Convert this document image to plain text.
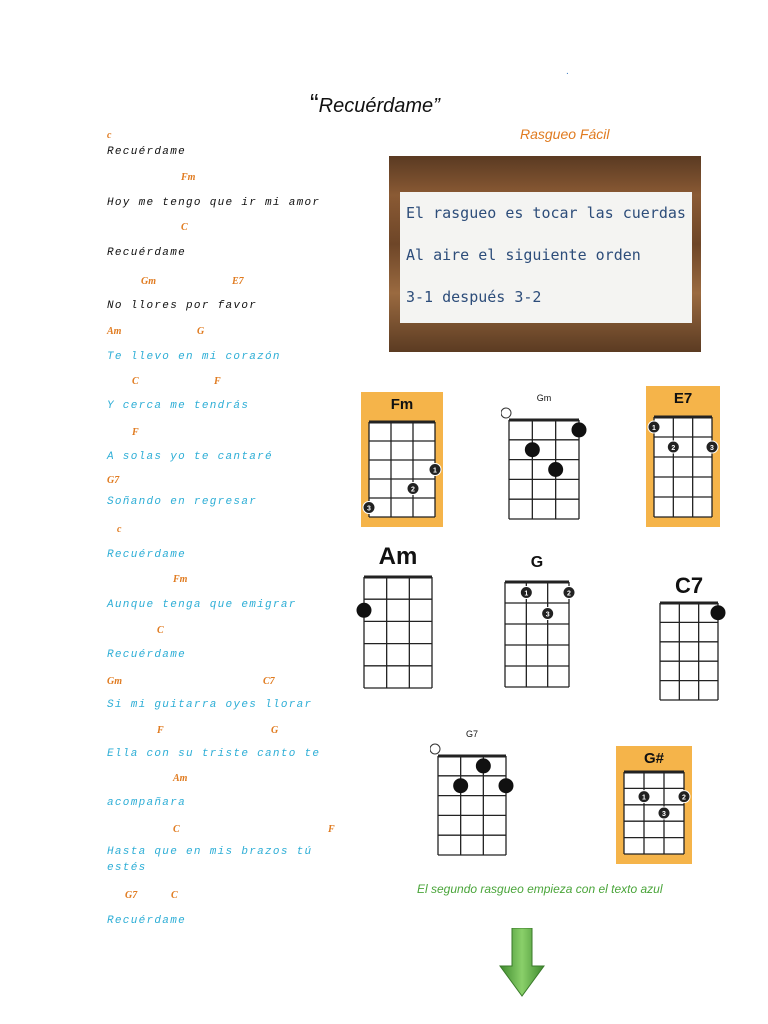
.
“Recuérdame”
c
Recuérdame
Fm
Hoy me tengo que ir mi amor
C
Recuérdame
Gm	E7
No llores por favor
Am	G
Te llevo en mi corazón
C	F
Y cerca me tendrás
F
A solas yo te cantaré
G7
Soñando en regresar
c
Recuérdame
Fm
Aunque tenga que emigrar
C
Recuérdame
Gm	C7
Si mi guitarra oyes llorar
F	G
Ella con su triste canto te
Am
acompañara
C	F
Hasta que en mis brazos tú
estés
G7	C
Recuérdame
Rasgueo Fácil
El rasgueo es tocar las cuerdas
Al aire el siguiente orden
3-1 después 3-2
Fm
1
2
3
Gm	E7
1
2	3
Am	G
1	2
3
C7
G7
G#
1	2
3
El segundo rasgueo empieza con el texto azul
